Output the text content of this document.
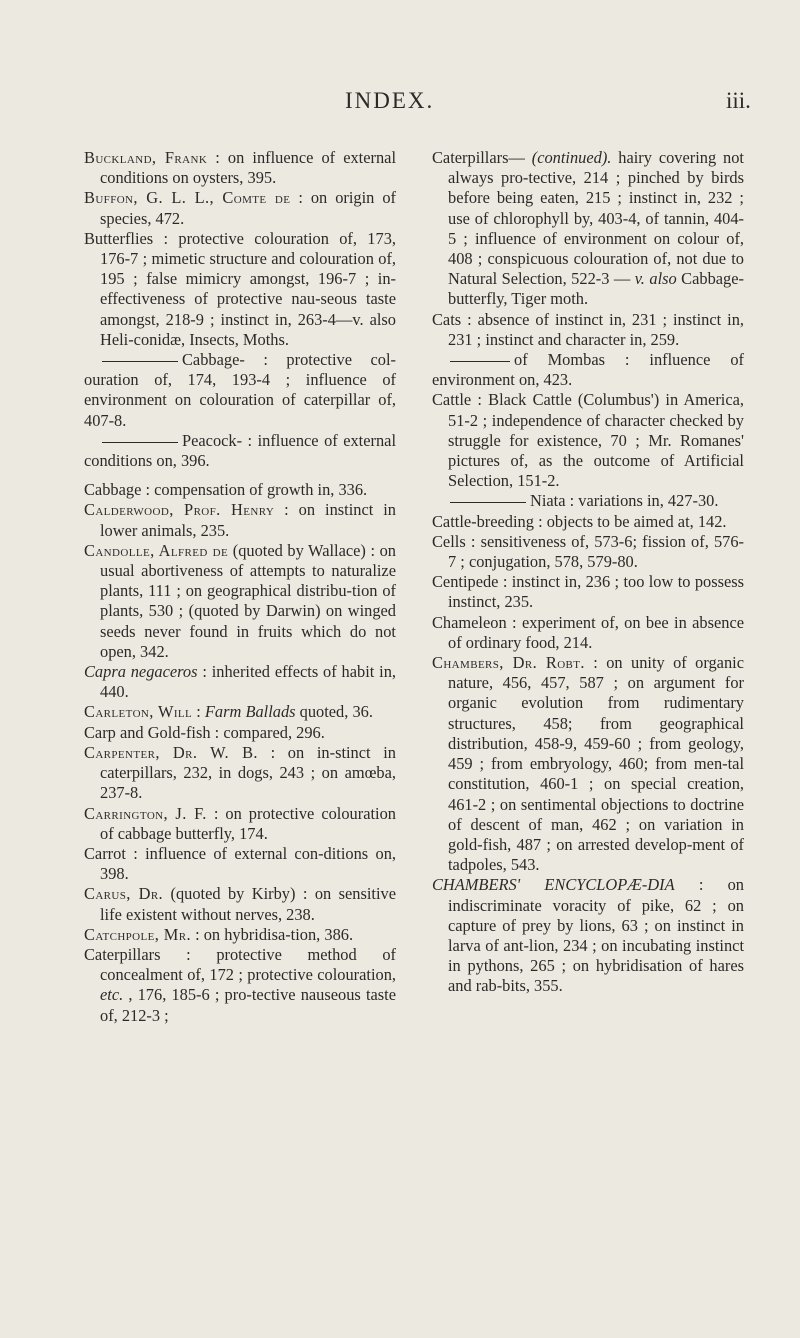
INDEX.	iii.
Buckland, Frank : on influence of external conditions on oysters, 395.
Buffon, G. L. L., Comte de : on origin of species, 472.
Butterflies : protective colouration of, 173, 176-7 ; mimetic structure and colouration of, 195 ; false mimicry amongst, 196-7 ; in-effectiveness of protective nau-seous taste amongst, 218-9 ; instinct in, 263-4—v. also Heli-conidæ, Insects, Moths.
Cabbage- : protective col-ouration of, 174, 193-4 ; influence of environment on colouration of caterpillar of, 407-8.
Peacock- : influence of external conditions on, 396.
Cabbage : compensation of growth in, 336.
Calderwood, Prof. Henry : on instinct in lower animals, 235.
Candolle, Alfred de (quoted by Wallace) : on usual abortiveness of attempts to naturalize plants, 111 ; on geographical distribu-tion of plants, 530 ; (quoted by Darwin) on winged seeds never found in fruits which do not open, 342.
Capra negaceros : inherited effects of habit in, 440.
Carleton, Will : Farm Ballads quoted, 36.
Carp and Gold-fish : compared, 296.
Carpenter, Dr. W. B. : on in-stinct in caterpillars, 232, in dogs, 243 ; on amœba, 237-8.
Carrington, J. F. : on protective colouration of cabbage butterfly, 174.
Carrot : influence of external con-ditions on, 398.
Carus, Dr. (quoted by Kirby) : on sensitive life existent without nerves, 238.
Catchpole, Mr. : on hybridisa-tion, 386.
Caterpillars : protective method of concealment of, 172 ; protective colouration, etc. , 176, 185-6 ; pro-tective nauseous taste of, 212-3 ;
Caterpillars— (continued). hairy covering not always pro-tective, 214 ; pinched by birds before being eaten, 215 ; instinct in, 232 ; use of chlorophyll by, 403-4, of tannin, 404-5 ; influence of environment on colour of, 408 ; conspicuous colouration of, not due to Natural Selection, 522-3 — v. also Cabbage-butterfly, Tiger moth.
Cats : absence of instinct in, 231 ; instinct in, 231 ; instinct and character in, 259.
of Mombas : influence of environment on, 423.
Cattle : Black Cattle (Columbus') in America, 51-2 ; independence of character checked by struggle for existence, 70 ; Mr. Romanes' pictures of, as the outcome of Artificial Selection, 151-2.
Niata : variations in, 427-30.
Cattle-breeding : objects to be aimed at, 142.
Cells : sensitiveness of, 573-6; fission of, 576-7 ; conjugation, 578, 579-80.
Centipede : instinct in, 236 ; too low to possess instinct, 235.
Chameleon : experiment of, on bee in absence of ordinary food, 214.
Chambers, Dr. Robt. : on unity of organic nature, 456, 457, 587 ; on argument for organic evolution from rudimentary structures, 458; from geographical distribution, 458-9, 459-60 ; from geology, 459 ; from embryology, 460; from men-tal constitution, 460-1 ; on special creation, 461-2 ; on sentimental objections to doctrine of descent of man, 462 ; on variation in gold-fish, 487 ; on arrested develop-ment of tadpoles, 543.
CHAMBERS' ENCYCLOPÆ-DIA : on indiscriminate voracity of pike, 62 ; on capture of prey by lions, 63 ; on instinct in larva of ant-lion, 234 ; on incubating instinct in pythons, 265 ; on hybridisation of hares and rab-bits, 355.
